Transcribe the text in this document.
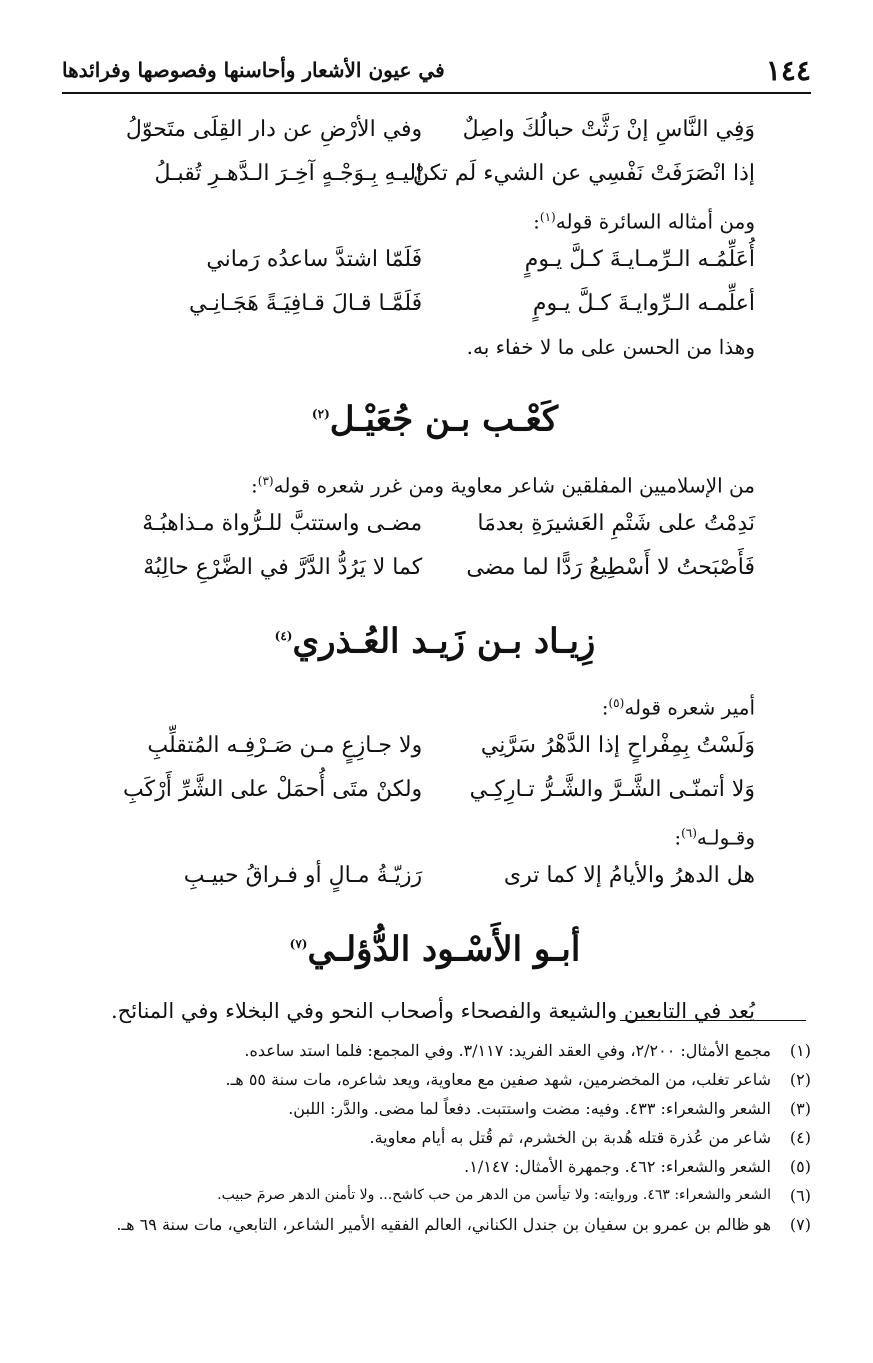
١٤٤
في عيون الأشعار وأحاسنها وفصوصها وفرائدها
وَفِي النَّاسِ إنْ رَثَّتْ حبالُكَ واصِلٌ
وفي الأرْضِ عن دار القِلَى متَحوّلُ
إذا انْصَرَفَتْ نَفْسِي عن الشيء لَم تكنْ
إليـهِ بِـوَجْـهٍ آخِـرَ الـدَّهـرِ تُقبـلُ
ومن أمثاله السائرة قوله$^{(١)}$:
أُعَلِّمُـه الـرِّمـايـةَ كـلَّ يـومٍ
فَلَمّا اشتدَّ ساعدُه رَماني
أعلِّمـه الـرِّوايـةَ كـلَّ يـومٍ
فَلَمَّـا قـالَ قـافِيَـةً هَجَـانِـي
وهذا من الحسن على ما لا خفاء به.
كَعْـب بـن جُعَيْـل$^{(٢)}$
من الإسلاميين المفلقين شاعر معاوية ومن غرر شعره قوله$^{(٣)}$:
نَدِمْتُ على شَتْمِ العَشيرَةِ بعدمَا
مضـى واستتبَّ للـرُّواة مـذاهبُـهْ
فَأَصْبَحتُ لا أَسْطِيعُ رَدًّا لما مضى
كما لا يَرُدُّ الدَّرَّ في الضَّرْعِ حالِبُهْ
زِيـاد بـن زَيـد العُـذري$^{(٤)}$
أمير شعره قوله$^{(٥)}$:
وَلَسْتُ بِمِفْراحٍ إذا الدَّهْرُ سَرَّنِي
ولا جـازِعٍ مـن صَـرْفِـه المُتقلِّبِ
وَلا أتمنّـى الشَّـرَّ والشَّـرُّ تـارِكِـي
ولكنْ متَى أُحمَلْ على الشَّرِّ أَرْكَبِ
وقـولـه$^{(٦)}$:
هل الدهرُ والأيامُ إلا كما ترى
رَزيّـةُ مـالٍ أو فـراقُ حبيـبِ
أبـو الأَسْـود الدُّؤلـي$^{(٧)}$
يُعد في التابعين والشيعة والفصحاء وأصحاب النحو وفي البخلاء وفي المنائح.
(١)
مجمع الأمثال: ٢/٢٠٠، وفي العقد الفريد: ٣/١١٧. وفي المجمع: فلما استد ساعده.
(٢)
شاعر تغلب، من المخضرمين، شهد صفين مع معاوية، ويعد شاعره، مات سنة ٥٥ هـ.
(٣)
الشعر والشعراء: ٤٣٣. وفيه: مضت واستتبت. دفعاً لما مضى. والدَّر: اللبن.
(٤)
شاعر من عُذرة قتله هُدبة بن الخشرم، ثم قُتل به أيام معاوية.
(٥)
الشعر والشعراء: ٤٦٢. وجمهرة الأمثال: ١/١٤٧.
(٦)
الشعر والشعراء: ٤٦٣. وروايته: ولا تيأسن من الدهر من حب كاشح... ولا تأمنن الدهر صرمَ حبيب.
(٧)
هو ظالم بن عمرو بن سفيان بن جندل الكناني، العالم الفقيه الأمير الشاعر، التابعي، مات سنة ٦٩ هـ.
